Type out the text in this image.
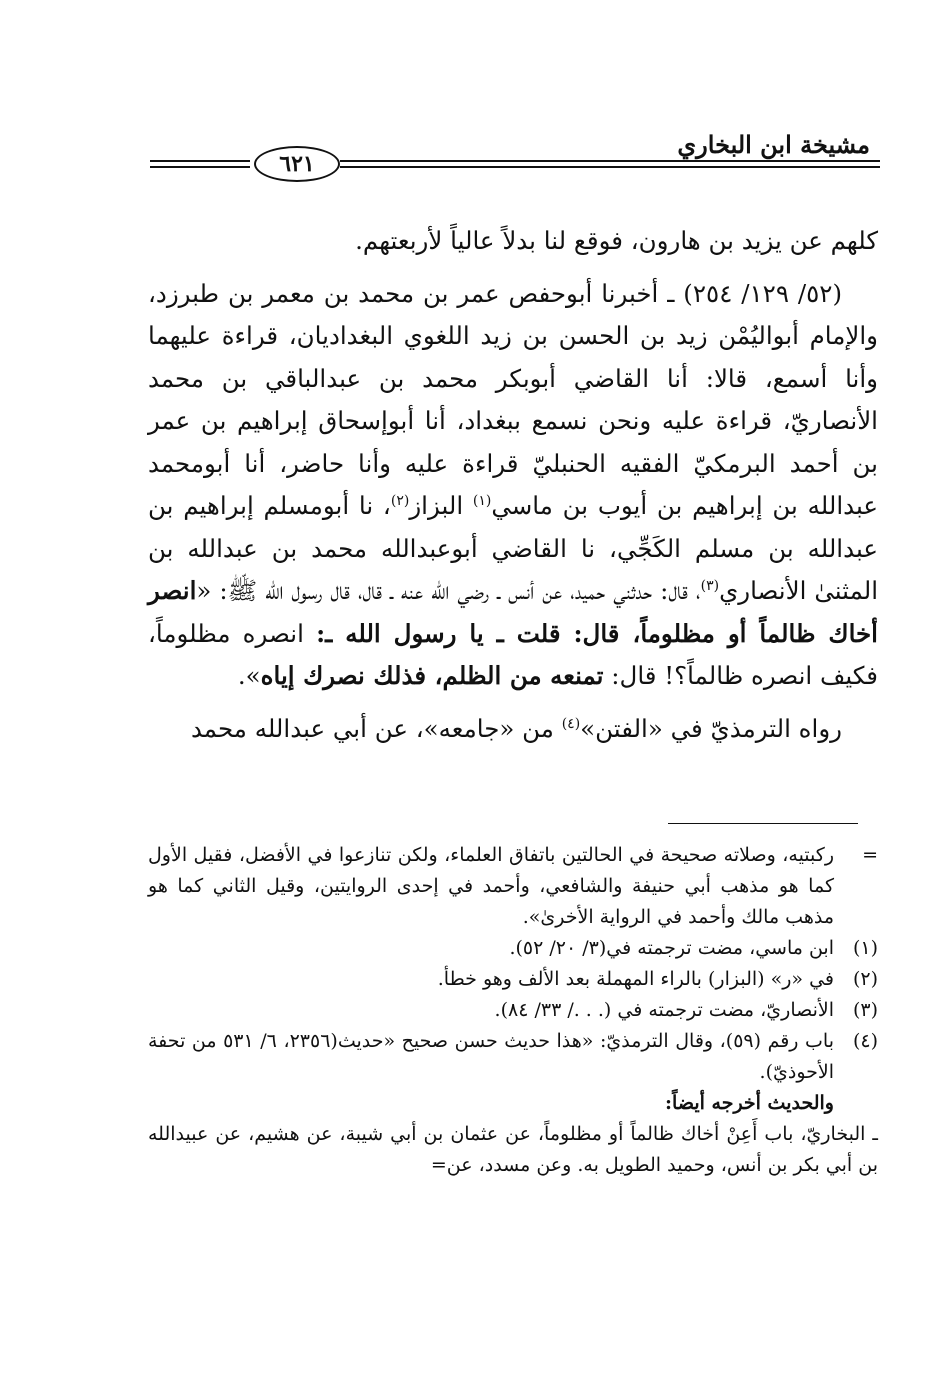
مشيخة ابن البخاري
٦٢١

كلهم عن يزيد بن هارون، فوقع لنا بدلاً عالياً لأربعتهم.

(٥٢/ ١٢٩/ ٢٥٤) ـ أخبرنا أبوحفص عمر بن محمد بن معمر بن طبرزد، والإمام أبواليُمْن زيد بن الحسن بن زيد اللغوي البغداديان، قراءة عليهما وأنا أسمع، قالا: أنا القاضي أبوبكر محمد بن عبدالباقي بن محمد الأنصاريّ، قراءة عليه ونحن نسمع ببغداد، أنا أبوإسحاق إبراهيم بن عمر بن أحمد البرمكيّ الفقيه الحنبليّ قراءة عليه وأنا حاضر، أنا أبومحمد عبدالله بن إبراهيم بن أيوب بن ماسي$^{(١)}$ البزاز$^{(٢)}$، نا أبومسلم إبراهيم بن عبدالله بن مسلم الكَجِّي، نا القاضي أبوعبدالله محمد بن عبدالله بن المثنىٰ الأنصاري$^{(٣)}$، قال: حدثني حميد، عن أنس ـ رضي الله عنه ـ قال، قال رسول الله ﷺ: «انصر أخاك ظالماً أو مظلوماً، قال: قلت ـ يا رسول الله ـ: انصره مظلوماً، فكيف انصره ظالماً؟! قال: تمنعه من الظلم، فذلك نصرك إياه».

رواه الترمذيّ في «الفتن»$^{(٤)}$ من «جامعه»، عن أبي عبدالله محمد

=
ركبتيه، وصلاته صحيحة في الحالتين باتفاق العلماء، ولكن تنازعوا في الأفضل، فقيل الأول كما هو مذهب أبي حنيفة والشافعي، وأحمد في إحدى الروايتين، وقيل الثاني كما هو مذهب مالك وأحمد في الرواية الأخرىٰ».
(١)
ابن ماسي، مضت ترجمته في(٣/ ٢٠/ ٥٢).
(٢)
في «ر» (البزار) بالراء المهملة بعد الألف وهو خطأ.
(٣)
الأنصاريّ، مضت ترجمته في (. . ./ ٣٣/ ٨٤).
(٤)
باب رقم (٥٩)، وقال الترمذيّ: «هذا حديث حسن صحيح «حديث(٢٣٥٦، ٦/ ٥٣١ من تحفة الأحوذيّ).
والحديث أخرجه أيضاً:

ـ البخاريّ، باب أَعِنْ أخاك ظالماً أو مظلوماً، عن عثمان بن أبي شيبة، عن هشيم، عن عبيدالله بن أبي بكر بن أنس، وحميد الطويل به. وعن مسدد، عن=
